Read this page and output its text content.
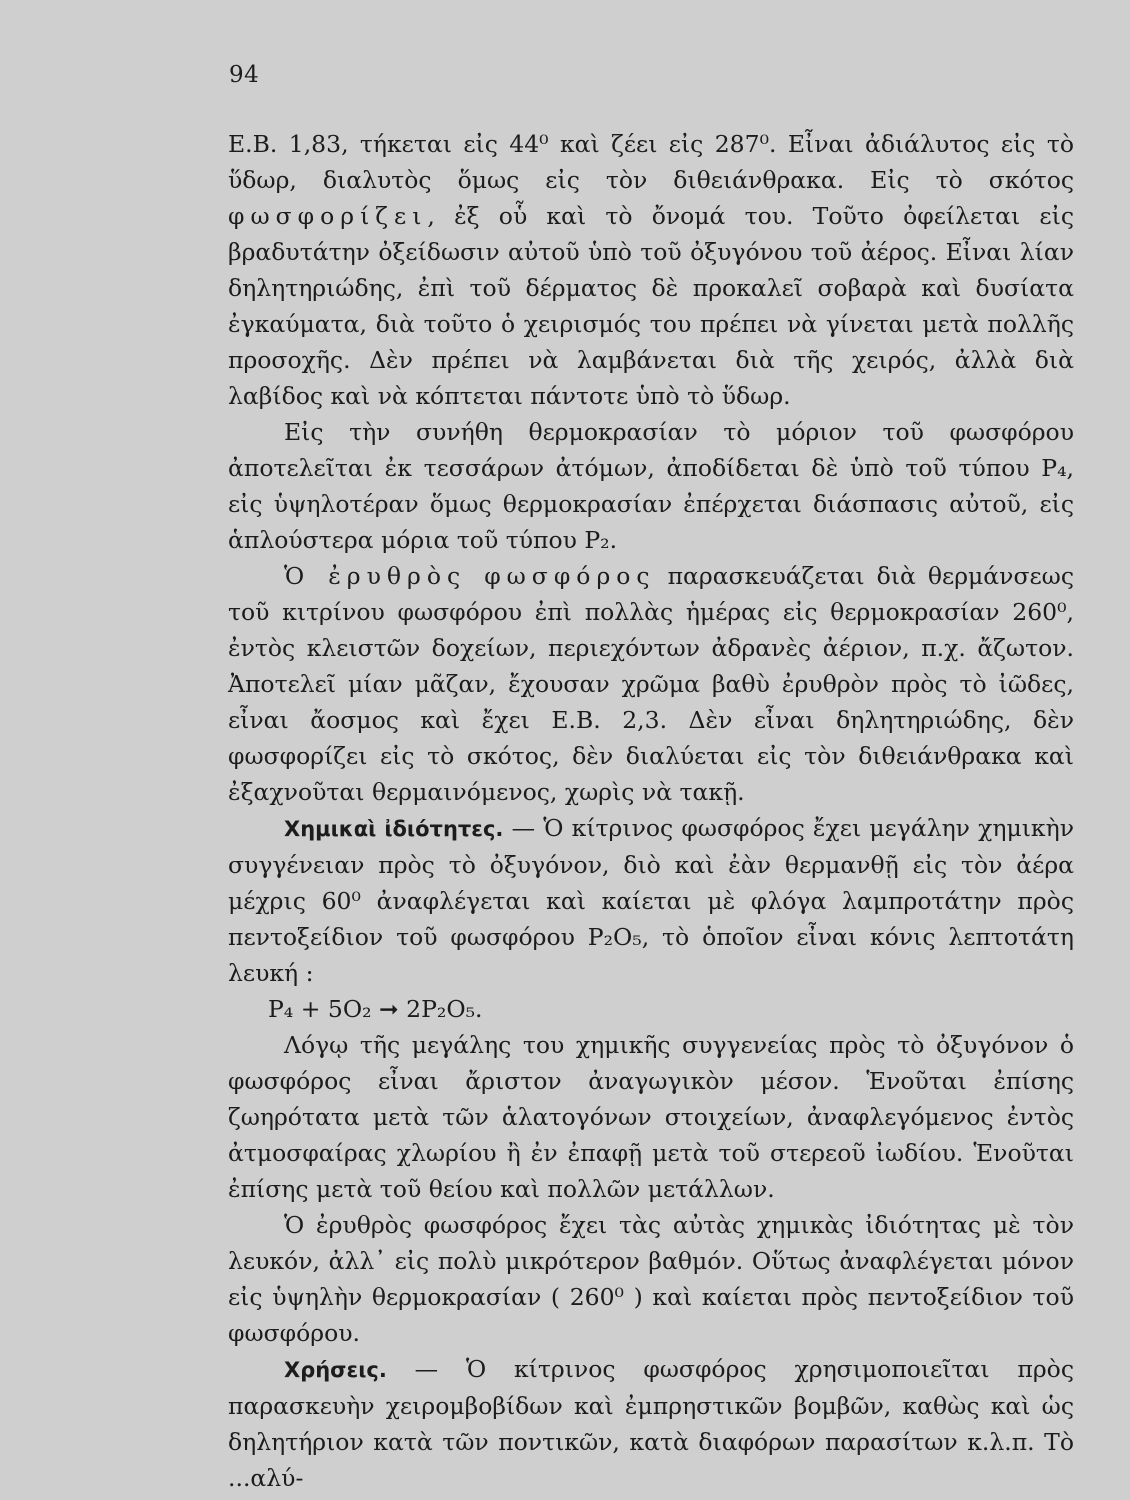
94

Ε.Β. 1,83, τήκεται εἰς 44⁰ καὶ ζέει εἰς 287⁰. Εἶναι ἀδιάλυτος εἰς τὸ ὕδωρ, διαλυτὸς ὅμως εἰς τὸν διθειάνθρακα. Εἰς τὸ σκότος φωσφορίζει, ἐξ οὗ καὶ τὸ ὄνομά του. Τοῦτο ὀφείλεται εἰς βραδυτάτην ὀξείδωσιν αὐτοῦ ὑπὸ τοῦ ὀξυγόνου τοῦ ἀέρος. Εἶναι λίαν δηλητηριώδης, ἐπὶ τοῦ δέρματος δὲ προκαλεῖ σοβαρὰ καὶ δυσίατα ἐγκαύματα, διὰ τοῦτο ὁ χειρισμός του πρέπει νὰ γίνεται μετὰ πολλῆς προσοχῆς. Δὲν πρέπει νὰ λαμβάνεται διὰ τῆς χειρός, ἀλλὰ διὰ λαβίδος καὶ νὰ κόπτεται πάντοτε ὑπὸ τὸ ὕδωρ.

Εἰς τὴν συνήθη θερμοκρασίαν τὸ μόριον τοῦ φωσφόρου ἀποτελεῖται ἐκ τεσσάρων ἀτόμων, ἀποδίδεται δὲ ὑπὸ τοῦ τύπου P₄, εἰς ὑψηλοτέραν ὅμως θερμοκρασίαν ἐπέρχεται διάσπασις αὐτοῦ, εἰς ἁπλούστερα μόρια τοῦ τύπου P₂.

Ὁ ἐρυθρὸς φωσφόρος παρασκευάζεται διὰ θερμάνσεως τοῦ κιτρίνου φωσφόρου ἐπὶ πολλὰς ἡμέρας εἰς θερμοκρασίαν 260⁰, ἐντὸς κλειστῶν δοχείων, περιεχόντων ἀδρανὲς ἀέριον, π.χ. ἄζωτον. Ἀποτελεῖ μίαν μᾶζαν, ἔχουσαν χρῶμα βαθὺ ἐρυθρὸν πρὸς τὸ ἰῶδες, εἶναι ἄοσμος καὶ ἔχει Ε.Β. 2,3. Δὲν εἶναι δηλητηριώδης, δὲν φωσφορίζει εἰς τὸ σκότος, δὲν διαλύεται εἰς τὸν διθειάνθρακα καὶ ἐξαχνοῦται θερμαινόμενος, χωρὶς νὰ τακῇ.

Χημικαὶ ἰδιότητες. — Ὁ κίτρινος φωσφόρος ἔχει μεγάλην χημικὴν συγγένειαν πρὸς τὸ ὀξυγόνον, διὸ καὶ ἐὰν θερμανθῇ εἰς τὸν ἀέρα μέχρις 60⁰ ἀναφλέγεται καὶ καίεται μὲ φλόγα λαμπροτάτην πρὸς πεντοξείδιον τοῦ φωσφόρου P₂O₅, τὸ ὁποῖον εἶναι κόνις λεπτοτάτη λευκή :

P₄ + 5O₂ ➞ 2P₂O₅.

Λόγῳ τῆς μεγάλης του χημικῆς συγγενείας πρὸς τὸ ὀξυγόνον ὁ φωσφόρος εἶναι ἄριστον ἀναγωγικὸν μέσον. Ἑνοῦται ἐπίσης ζωηρότατα μετὰ τῶν ἁλατογόνων στοιχείων, ἀναφλεγόμενος ἐντὸς ἀτμοσφαίρας χλωρίου ἢ ἐν ἐπαφῇ μετὰ τοῦ στερεοῦ ἰωδίου. Ἑνοῦται ἐπίσης μετὰ τοῦ θείου καὶ πολλῶν μετάλλων.

Ὁ ἐρυθρὸς φωσφόρος ἔχει τὰς αὐτὰς χημικὰς ἰδιότητας μὲ τὸν λευκόν, ἀλλ᾽ εἰς πολὺ μικρότερον βαθμόν. Οὕτως ἀναφλέγεται μόνον εἰς ὑψηλὴν θερμοκρασίαν ( 260⁰ ) καὶ καίεται πρὸς πεντοξείδιον τοῦ φωσφόρου.

Χρήσεις. — Ὁ κίτρινος φωσφόρος χρησιμοποιεῖται πρὸς παρασκευὴν χειρομβοβίδων καὶ ἐμπρηστικῶν βομβῶν, καθὼς καὶ ὡς δηλητήριον κατὰ τῶν ποντικῶν, κατὰ διαφόρων παρασίτων κ.λ.π. Τὸ ...αλύ-
